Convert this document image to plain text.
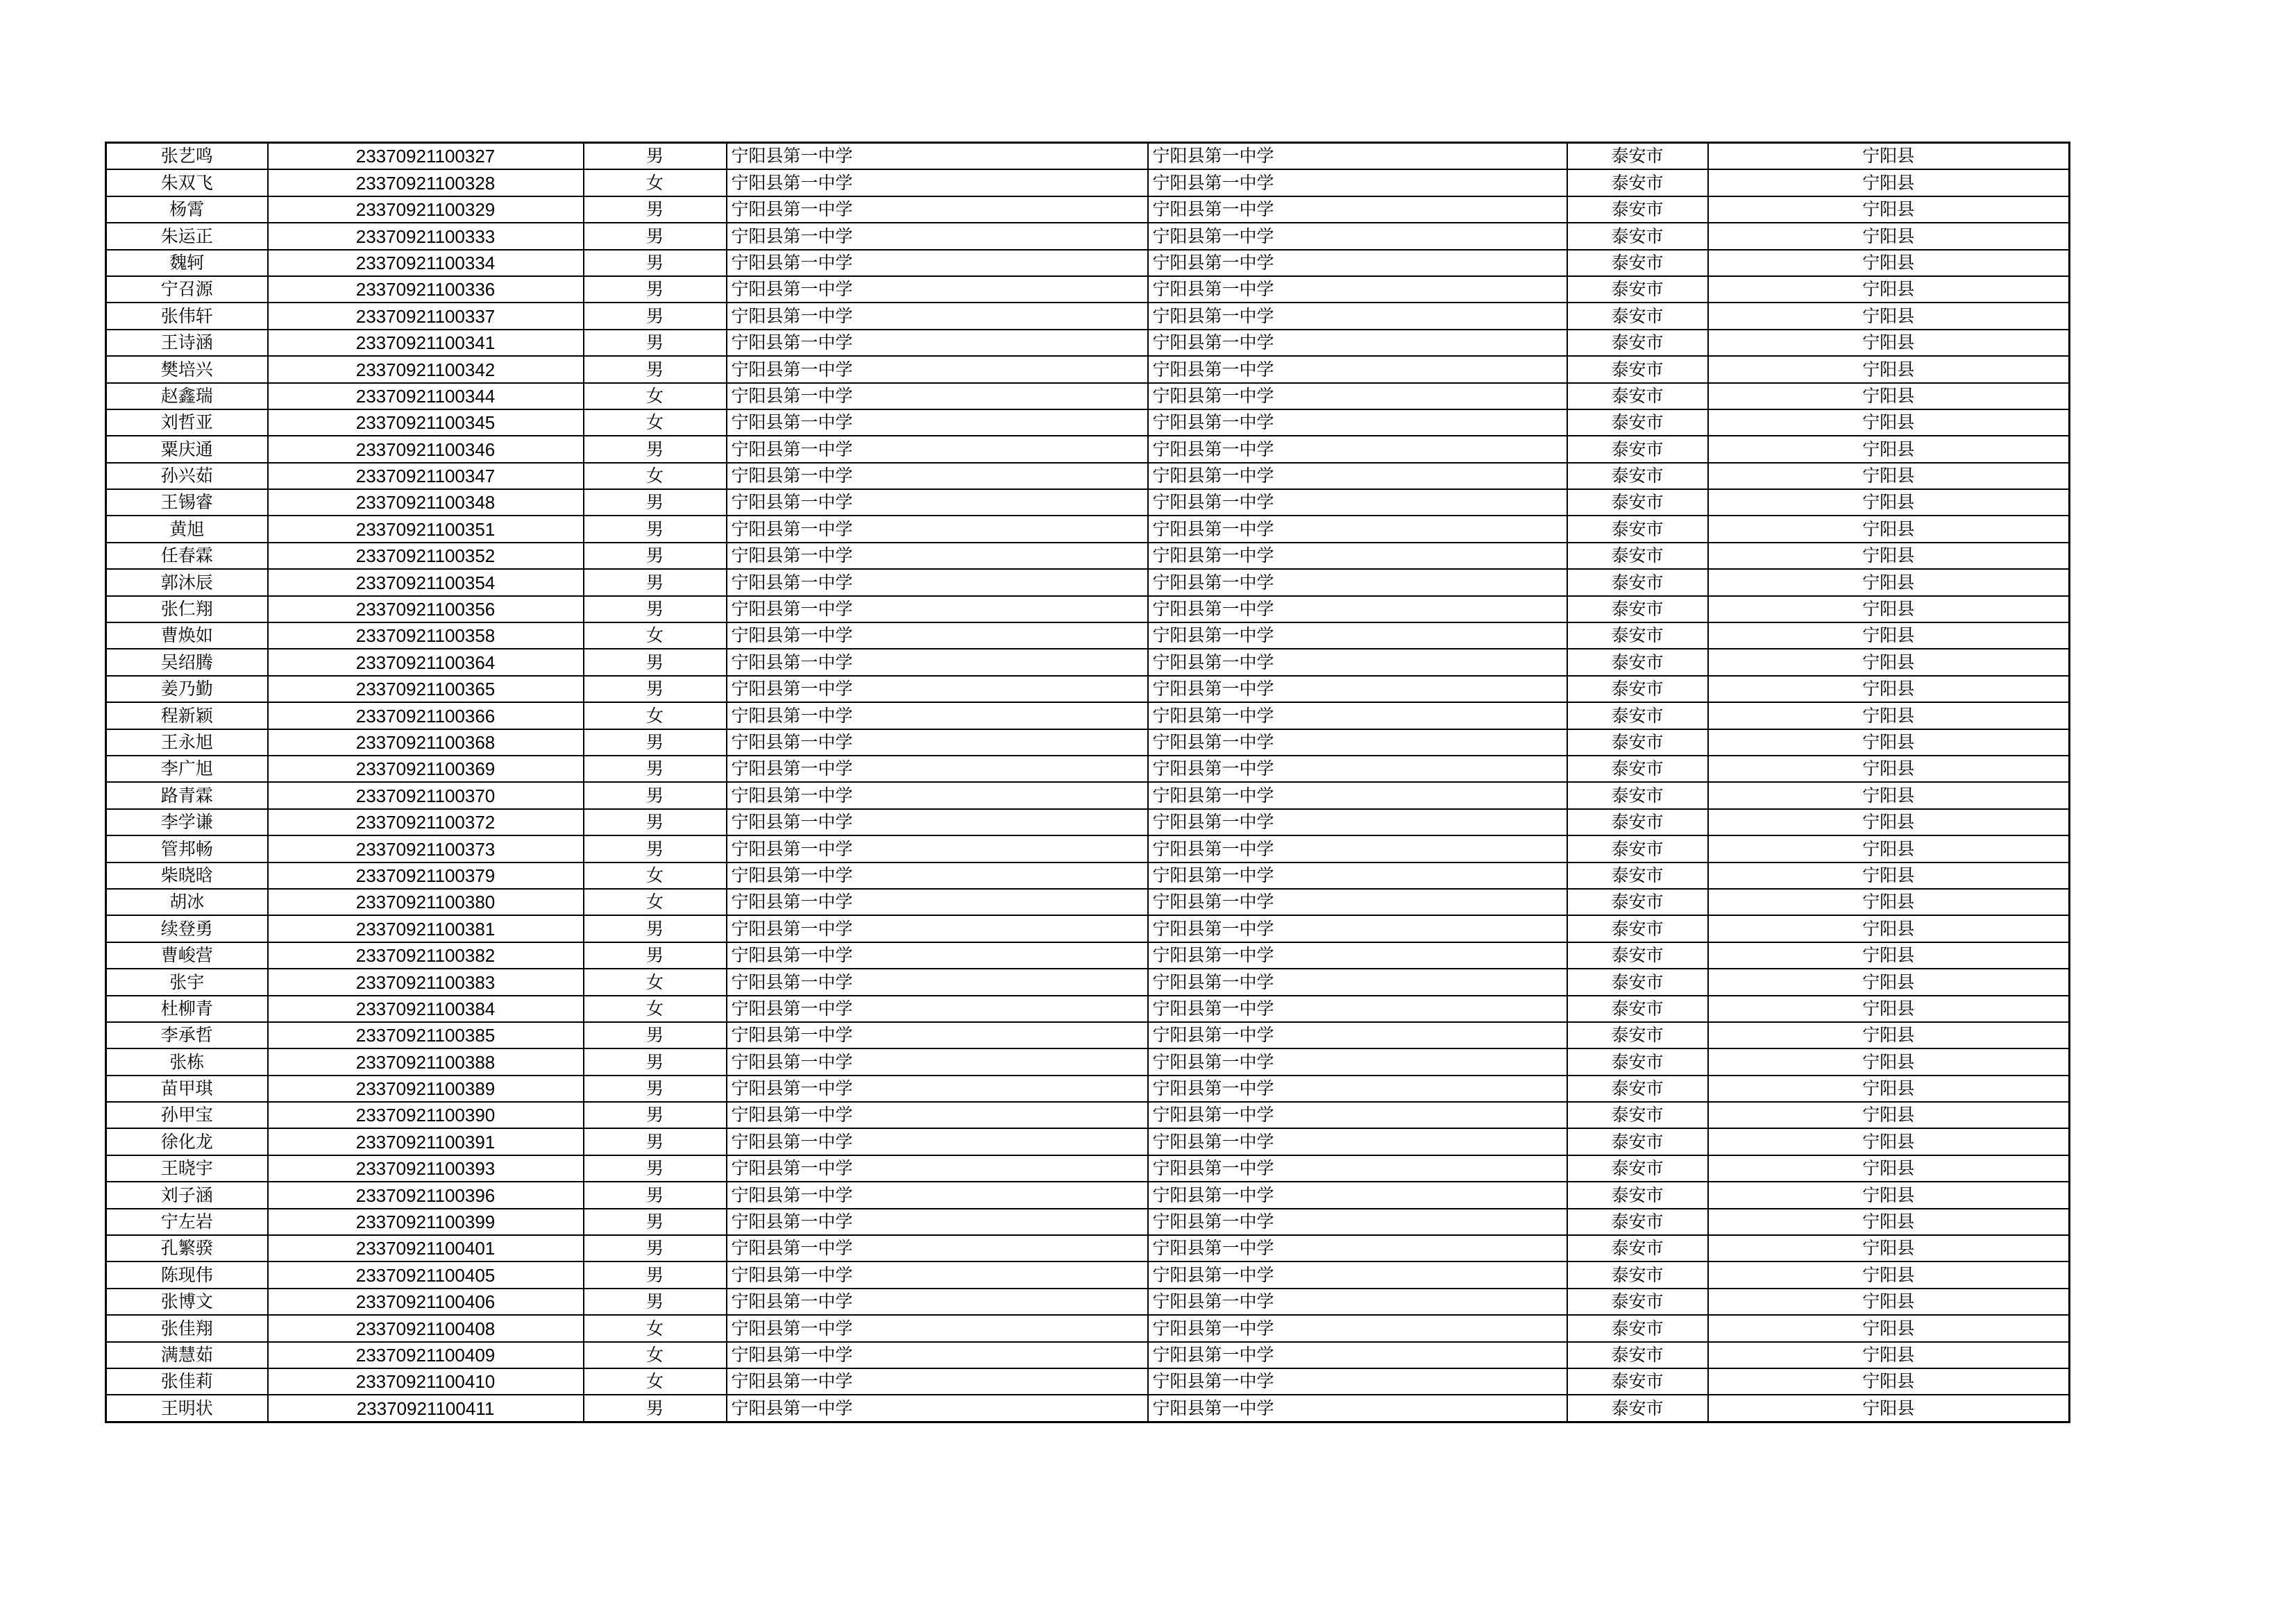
张艺鸣	23370921100327	男	宁阳县第一中学	宁阳县第一中学	泰安市	宁阳县
朱双飞	23370921100328	女	宁阳县第一中学	宁阳县第一中学	泰安市	宁阳县
杨霄	23370921100329	男	宁阳县第一中学	宁阳县第一中学	泰安市	宁阳县
朱运正	23370921100333	男	宁阳县第一中学	宁阳县第一中学	泰安市	宁阳县
魏轲	23370921100334	男	宁阳县第一中学	宁阳县第一中学	泰安市	宁阳县
宁召源	23370921100336	男	宁阳县第一中学	宁阳县第一中学	泰安市	宁阳县
张伟轩	23370921100337	男	宁阳县第一中学	宁阳县第一中学	泰安市	宁阳县
王诗涵	23370921100341	男	宁阳县第一中学	宁阳县第一中学	泰安市	宁阳县
樊培兴	23370921100342	男	宁阳县第一中学	宁阳县第一中学	泰安市	宁阳县
赵鑫瑞	23370921100344	女	宁阳县第一中学	宁阳县第一中学	泰安市	宁阳县
刘哲亚	23370921100345	女	宁阳县第一中学	宁阳县第一中学	泰安市	宁阳县
粟庆通	23370921100346	男	宁阳县第一中学	宁阳县第一中学	泰安市	宁阳县
孙兴茹	23370921100347	女	宁阳县第一中学	宁阳县第一中学	泰安市	宁阳县
王锡睿	23370921100348	男	宁阳县第一中学	宁阳县第一中学	泰安市	宁阳县
黄旭	23370921100351	男	宁阳县第一中学	宁阳县第一中学	泰安市	宁阳县
任春霖	23370921100352	男	宁阳县第一中学	宁阳县第一中学	泰安市	宁阳县
郭沐辰	23370921100354	男	宁阳县第一中学	宁阳县第一中学	泰安市	宁阳县
张仁翔	23370921100356	男	宁阳县第一中学	宁阳县第一中学	泰安市	宁阳县
曹焕如	23370921100358	女	宁阳县第一中学	宁阳县第一中学	泰安市	宁阳县
吴绍腾	23370921100364	男	宁阳县第一中学	宁阳县第一中学	泰安市	宁阳县
姜乃勤	23370921100365	男	宁阳县第一中学	宁阳县第一中学	泰安市	宁阳县
程新颖	23370921100366	女	宁阳县第一中学	宁阳县第一中学	泰安市	宁阳县
王永旭	23370921100368	男	宁阳县第一中学	宁阳县第一中学	泰安市	宁阳县
李广旭	23370921100369	男	宁阳县第一中学	宁阳县第一中学	泰安市	宁阳县
路青霖	23370921100370	男	宁阳县第一中学	宁阳县第一中学	泰安市	宁阳县
李学谦	23370921100372	男	宁阳县第一中学	宁阳县第一中学	泰安市	宁阳县
管邦畅	23370921100373	男	宁阳县第一中学	宁阳县第一中学	泰安市	宁阳县
柴晓晗	23370921100379	女	宁阳县第一中学	宁阳县第一中学	泰安市	宁阳县
胡冰	23370921100380	女	宁阳县第一中学	宁阳县第一中学	泰安市	宁阳县
续登勇	23370921100381	男	宁阳县第一中学	宁阳县第一中学	泰安市	宁阳县
曹峻营	23370921100382	男	宁阳县第一中学	宁阳县第一中学	泰安市	宁阳县
张宇	23370921100383	女	宁阳县第一中学	宁阳县第一中学	泰安市	宁阳县
杜柳青	23370921100384	女	宁阳县第一中学	宁阳县第一中学	泰安市	宁阳县
李承哲	23370921100385	男	宁阳县第一中学	宁阳县第一中学	泰安市	宁阳县
张栋	23370921100388	男	宁阳县第一中学	宁阳县第一中学	泰安市	宁阳县
苗甲琪	23370921100389	男	宁阳县第一中学	宁阳县第一中学	泰安市	宁阳县
孙甲宝	23370921100390	男	宁阳县第一中学	宁阳县第一中学	泰安市	宁阳县
徐化龙	23370921100391	男	宁阳县第一中学	宁阳县第一中学	泰安市	宁阳县
王晓宇	23370921100393	男	宁阳县第一中学	宁阳县第一中学	泰安市	宁阳县
刘子涵	23370921100396	男	宁阳县第一中学	宁阳县第一中学	泰安市	宁阳县
宁左岩	23370921100399	男	宁阳县第一中学	宁阳县第一中学	泰安市	宁阳县
孔繁骙	23370921100401	男	宁阳县第一中学	宁阳县第一中学	泰安市	宁阳县
陈现伟	23370921100405	男	宁阳县第一中学	宁阳县第一中学	泰安市	宁阳县
张博文	23370921100406	男	宁阳县第一中学	宁阳县第一中学	泰安市	宁阳县
张佳翔	23370921100408	女	宁阳县第一中学	宁阳县第一中学	泰安市	宁阳县
满慧茹	23370921100409	女	宁阳县第一中学	宁阳县第一中学	泰安市	宁阳县
张佳莉	23370921100410	女	宁阳县第一中学	宁阳县第一中学	泰安市	宁阳县
王明状	23370921100411	男	宁阳县第一中学	宁阳县第一中学	泰安市	宁阳县
